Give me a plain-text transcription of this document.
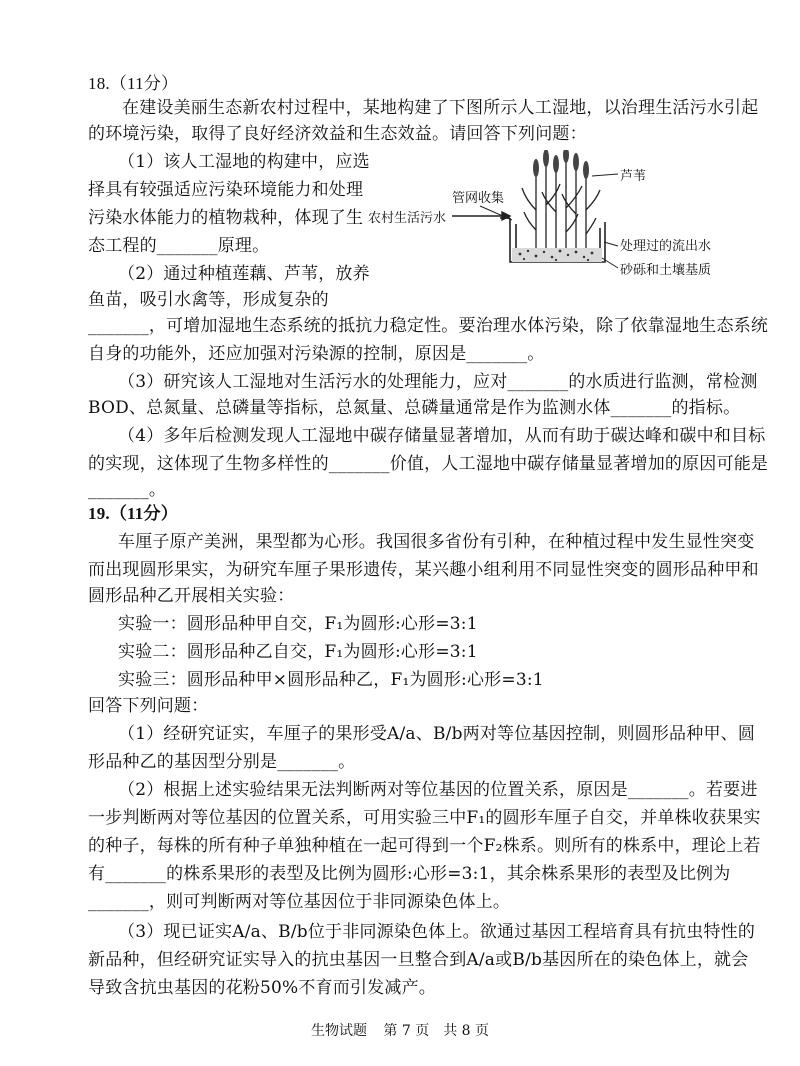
18.（11分）
在建设美丽生态新农村过程中，某地构建了下图所示人工湿地，以治理生活污水引起
的环境污染，取得了良好经济效益和生态效益。请回答下列问题：
（1）该人工湿地的构建中，应选
择具有较强适应污染环境能力和处理
污染水体能力的植物栽种，体现了生
态工程的_______原理。
（2）通过种植莲藕、芦苇，放养
鱼苗，吸引水禽等，形成复杂的
_______，可增加湿地生态系统的抵抗力稳定性。要治理水体污染，除了依靠湿地生态系统
自身的功能外，还应加强对污染源的控制，原因是_______。
（3）研究该人工湿地对生活污水的处理能力，应对_______的水质进行监测，常检测
BOD、总氮量、总磷量等指标，总氮量、总磷量通常是作为监测水体_______的指标。
（4）多年后检测发现人工湿地中碳存储量显著增加，从而有助于碳达峰和碳中和目标
的实现，这体现了生物多样性的_______价值，人工湿地中碳存储量显著增加的原因可能是
_______。
芦苇
管网收集
农村生活污水
处理过的流出水
砂砾和土壤基质
19.（11分）
车厘子原产美洲，果型都为心形。我国很多省份有引种，在种植过程中发生显性突变
而出现圆形果实，为研究车厘子果形遗传，某兴趣小组利用不同显性突变的圆形品种甲和
圆形品种乙开展相关实验：
实验一：圆形品种甲自交，F₁为圆形:心形=3:1
实验二：圆形品种乙自交，F₁为圆形:心形=3:1
实验三：圆形品种甲×圆形品种乙，F₁为圆形:心形=3:1
回答下列问题：
（1）经研究证实，车厘子的果形受A/a、B/b两对等位基因控制，则圆形品种甲、圆
形品种乙的基因型分别是_______。
（2）根据上述实验结果无法判断两对等位基因的位置关系，原因是_______。若要进
一步判断两对等位基因的位置关系，可用实验三中F₁的圆形车厘子自交，并单株收获果实
的种子，每株的所有种子单独种植在一起可得到一个F₂株系。则所有的株系中，理论上若
有_______的株系果形的表型及比例为圆形:心形=3:1，其余株系果形的表型及比例为
_______，则可判断两对等位基因位于非同源染色体上。
（3）现已证实A/a、B/b位于非同源染色体上。欲通过基因工程培育具有抗虫特性的
新品种，但经研究证实导入的抗虫基因一旦整合到A/a或B/b基因所在的染色体上，就会
导致含抗虫基因的花粉50%不育而引发减产。
生物试题 第 7 页　共 8 页
